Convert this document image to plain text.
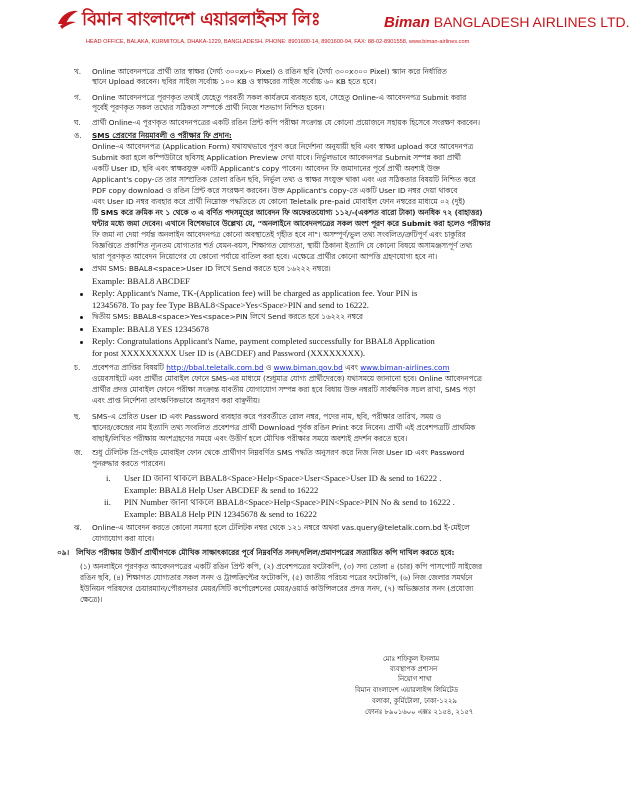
বিমান বাংলাদেশ এয়ারলাইনস লিঃ	Biman BANGLADESH AIRLINES LTD.
HEAD OFFICE, BALAKA, KURMITOLA, DHAKA-1229, BANGLADESH. PHONE: 8901600-14, 8901600-94, FAX: 88-02-8901558, www.biman-airlines.com
খ. Online আবেদনপত্রে প্রার্থী তার স্বাক্ষর (দৈর্ঘ্য ৩০০x৮০ Pixel) ও রঙিন ছবি (দৈর্ঘ্য ৩০০x৩০০ Pixel) স্ক্যান করে নির্ধারিত
স্থানে Upload করবেন। ছবির সাইজ সর্বোচ্চ ১০০ KB ও স্বাক্ষরের সাইজ সর্বোচ্চ ৬০ KB হতে হবে।
গ. Online আবেদনপত্রে পূরণকৃত তথ্যই যেহেতু পরবর্তী সকল কার্যক্রমে ব্যবহৃত হবে, সেহেতু Online-এ আবেদনপত্র Submit করার
পূর্বেই পূরণকৃত সকল তথ্যের সঠিকতা সম্পর্কে প্রার্থী নিজে শতভাগ নিশ্চিত হবেন।
ঘ. প্রার্থী Online-এ পূরণকৃত আবেদনপত্রের একটি রঙিন প্রিন্ট কপি পরীক্ষা সংক্রান্ত যে কোনো প্রয়োজনে সহায়ক হিসেবে সংরক্ষণ করবেন।
ঙ. SMS প্রেরণের নিয়মাবলী ও পরীক্ষার ফি প্রদান:
Online-এ আবেদনপত্র (Application Form) যথাযথভাবে পূরণ করে নির্দেশনা অনুযায়ী ছবি এবং স্বাক্ষর upload করে আবেদনপত্র
Submit করা হলে কম্পিউটারে ছবিসহ Application Preview দেখা যাবে। নির্ভুলভাবে আবেদনপত্র Submit সম্পন্ন করা প্রার্থী
একটি User ID, ছবি এবং স্বাক্ষরযুক্ত একটি Applicant's copy পাবেন। আবেদন ফি জমাদানের পূর্বে প্রার্থী অবশ্যই উক্ত
Applicant's copy-তে তার সাম্প্রতিক তোলা রঙিন ছবি, নির্ভুল তথ্য ও স্বাক্ষর সংযুক্ত থাকা এবং এর সঠিকতার বিষয়টি নিশ্চিত করে
PDF copy download ও রঙিন প্রিন্ট করে সংরক্ষণ করবেন। উক্ত Applicant's copy-তে একটি User ID নম্বর দেয়া থাকবে
এবং User ID নম্বর ব্যবহার করে প্রার্থী নিম্নোক্ত পদ্ধতিতে যে কোনো Teletalk pre-paid মোবাইল ফোন নম্বরের মাধ্যমে ০২ (দুই)
টি SMS করে ক্রমিক নং ১ থেকে ৩ এ বর্ণিত পদসমূহের আবেদন ফি অফেরতযোগ্য ১১২/-(একশত বারো টাকা) অনধিক ৭২ (বাহাত্তর)
ঘন্টার মধ্যে জমা দেবেন। এখানে বিশেষভাবে উল্লেখ্য যে, "অনলাইনে আবেদনপত্রের সকল অংশ পূরণ করে Submit করা হলেও পরীক্ষার
ফি জমা না দেয়া পর্যন্ত অনলাইন আবেদনপত্র কোনো অবস্থাতেই গৃহীত হবে না"। অসম্পূর্ণ/ভুল তথ্য সংবলিত/ত্রুটিপূর্ণ এবং চাকুরির
বিজ্ঞপ্তিতে প্রকাশিত ন্যূনতম যোগ্যতার শর্ত যেমন-বয়স, শিক্ষাগত যোগ্যতা, স্থায়ী ঠিকানা ইত্যাদি যে কোনো বিষয়ে অসামঞ্জস্যপূর্ণ তথ্য
দ্বারা পূরণকৃত আবেদন নিয়োগের যে কোনো পর্যায়ে বাতিল করা হবে। এক্ষেত্রে প্রার্থীর কোনো আপত্তি গ্রহণযোগ্য হবে না।
প্রথম SMS: BBAL8<space>User ID লিখে Send করতে হবে ১৬২২২ নম্বরে।
Example: BBAL8 ABCDEF
Reply: Applicant's Name, TK-(Application fee) will be charged as application fee. Your PIN is
12345678. To pay fee Type BBAL8<Space>Yes<Space>PIN and send to 16222.
দ্বিতীয় SMS: BBAL8<space>Yes<space>PIN লিখে Send করতে হবে ১৬২২২ নম্বরে
Example: BBAL8 YES 12345678
Reply: Congratulations Applicant's Name, payment completed successfully for BBAL8 Application
for post XXXXXXXXX User ID is (ABCDEF) and Password (XXXXXXXX).
চ. প্রবেশপত্র প্রাপ্তির বিষয়টি http://bbal.teletalk.com.bd ও www.biman.gov.bd এবং www.biman-airlines.com
ওয়েবসাইটে এবং প্রার্থীর মোবাইল ফোনে SMS-এর মাধ্যমে (শুধুমাত্র যোগ্য প্রার্থীদেরকে) যথাসময়ে জানানো হবে। Online আবেদনপত্রে
প্রার্থীর প্রদত্ত মোবাইল ফোনে পরীক্ষা সংক্রান্ত যাবতীয় যোগাযোগ সম্পন্ন করা হবে বিধায় উক্ত নম্বরটি সার্বক্ষণিক সচল রাখা, SMS পড়া
এবং প্রাপ্ত নির্দেশনা তাৎক্ষণিকভাবে অনুসরণ করা বাঞ্ছনীয়।
ছ. SMS-এ প্রেরিত User ID এবং Password ব্যবহার করে পরবর্তীতে রোল নম্বর, পদের নাম, ছবি, পরীক্ষার তারিখ, সময় ও
স্থানের/কেন্দ্রের নাম ইত্যাদি তথ্য সংবলিত প্রবেশপত্র প্রার্থী Download পূর্বক রঙিন Print করে নিবেন। প্রার্থী এই প্রবেশপত্রটি প্রাথমিক
বাছাই/লিখিত পরীক্ষায় অংশগ্রহণের সময়ে এবং উত্তীর্ণ হলে মৌখিক পরীক্ষার সময়ে অবশ্যই প্রদর্শন করতে হবে।
জ. শুধু টেলিটক প্রি-পেইড মোবাইল ফোন থেকে প্রার্থীগণ নিম্নবর্ণিত SMS পদ্ধতি অনুসরণ করে নিজ নিজ User ID এবং Password
পুনরুদ্ধার করতে পারবেন।
i. User ID জানা থাকলে BBAL8<Space>Help<Space>User<Space>User ID & send to 16222 .
Example: BBAL8 Help User ABCDEF & send to 16222
ii. PIN Number জানা থাকলে BBAL8<Space>Help<Space>PIN<Space>PIN No & send to 16222 .
Example: BBAL8 Help PIN 12345678 & send to 16222
ঝ. Online-এ আবেদন করতে কোনো সমস্যা হলে টেলিটক নম্বর থেকে ১২১ নম্বরে অথবা vas.query@teletalk.com.bd ই-মেইলে
যোগাযোগ করা যাবে।
০৯। লিখিত পরীক্ষায় উত্তীর্ণ প্রার্থীগণকে মৌখিক সাক্ষাৎকারের পূর্বে নিম্নবর্ণিত সনদ/দলিল/প্রমাণপত্রের সত্যায়িত কপি দাখিল করতে হবে:
(১) অনলাইনে পূরণকৃত আবেদনপত্রের একটি রঙিন প্রিন্ট কপি, (২) প্রবেশপত্রের ফটোকপি, (৩) সদ্য তোলা ৪ (চার) কপি পাসপোর্ট সাইজের
রঙিন ছবি, (৪) শিক্ষাগত যোগ্যতার সকল সনদ ও ট্রান্সক্রিপ্টের ফটোকপি, (৫) জাতীয় পরিচয় পত্রের ফটোকপি, (৬) নিজ জেলার সমর্থনে
ইউনিয়ন পরিষদের চেয়ারম্যান/পৌরসভার মেয়র/সিটি কর্পোরেশনের মেয়র/ওয়ার্ড কাউন্সিলরের প্রদত্ত সনদ, (৭) অভিজ্ঞতার সনদ (প্রযোজ্য
ক্ষেত্রে)।
মোঃ শফিকুল ইসলাম
ব্যবস্থাপক প্রশাসন
নিয়োগ শাখা
বিমান বাংলাদেশ এয়ারলাইন্স লিমিটেড
বলাকা, কুর্মিটোলা, ঢাকা-১২২৯
ফোনঃ ৮৯০১৬০০ এক্সঃ ২১৫৪, ২১৫৭
